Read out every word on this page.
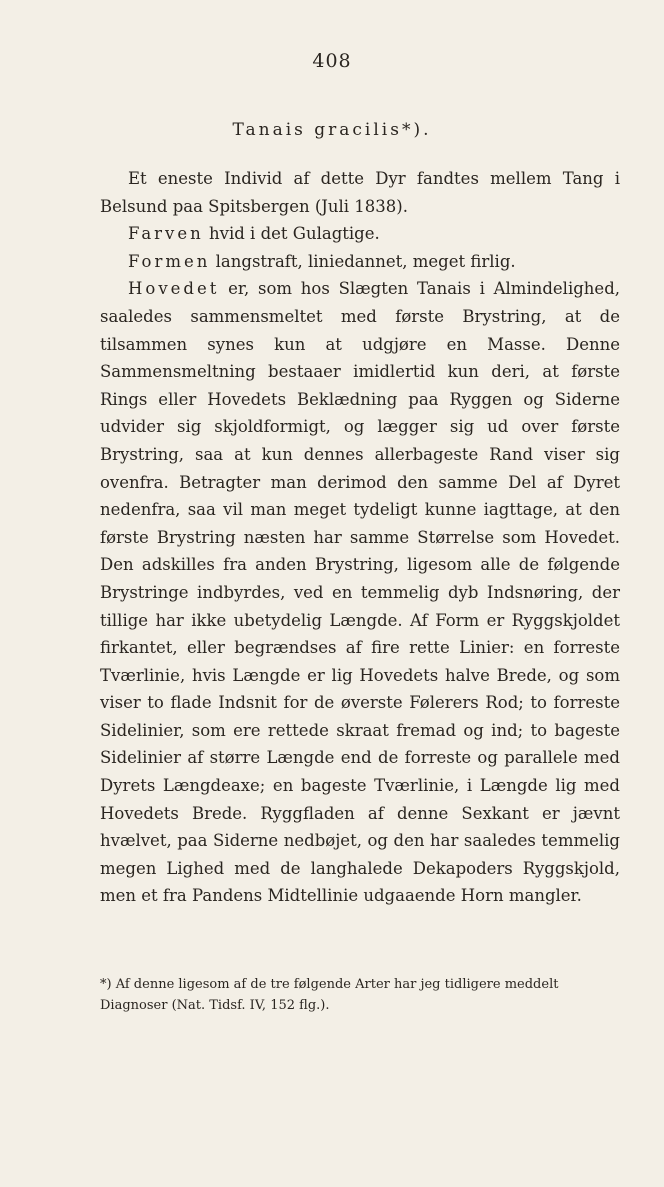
408
Tanais gracilis*).

Et eneste Individ af dette Dyr fandtes mellem Tang i Belsund paa Spitsbergen (Juli 1838).

Farven hvid i det Gulagtige.

Formen langstraft, liniedannet, meget firlig.

Hovedet er, som hos Slægten Tanais i Almindelighed, saaledes sammensmeltet med første Brystring, at de tilsammen synes kun at udgjøre en Masse. Denne Sammensmeltning bestaaer imidlertid kun deri, at første Rings eller Hovedets Beklædning paa Ryggen og Siderne udvider sig skjoldformigt, og lægger sig ud over første Brystring, saa at kun dennes allerbageste Rand viser sig ovenfra. Betragter man derimod den samme Del af Dyret nedenfra, saa vil man meget tydeligt kunne iagttage, at den første Brystring næsten har samme Størrelse som Hovedet. Den adskilles fra anden Brystring, ligesom alle de følgende Brystringe indbyrdes, ved en temmelig dyb Indsnøring, der tillige har ikke ubetydelig Længde. Af Form er Ryggskjoldet firkantet, eller begrændses af fire rette Linier: en forreste Tværlinie, hvis Længde er lig Hovedets halve Brede, og som viser to flade Indsnit for de øverste Følerers Rod; to forreste Sidelinier, som ere rettede skraat fremad og ind; to bageste Sidelinier af større Længde end de forreste og parallele med Dyrets Længdeaxe; en bageste Tværlinie, i Længde lig med Hovedets Brede. Ryggfladen af denne Sexkant er jævnt hvælvet, paa Siderne nedbøjet, og den har saaledes temmelig megen Lighed med de langhalede Dekapoders Ryggskjold, men et fra Pandens Midtellinie udgaaende Horn mangler.

*) Af denne ligesom af de tre følgende Arter har jeg tidligere meddelt Diagnoser (Nat. Tidsf. IV, 152 flg.).
